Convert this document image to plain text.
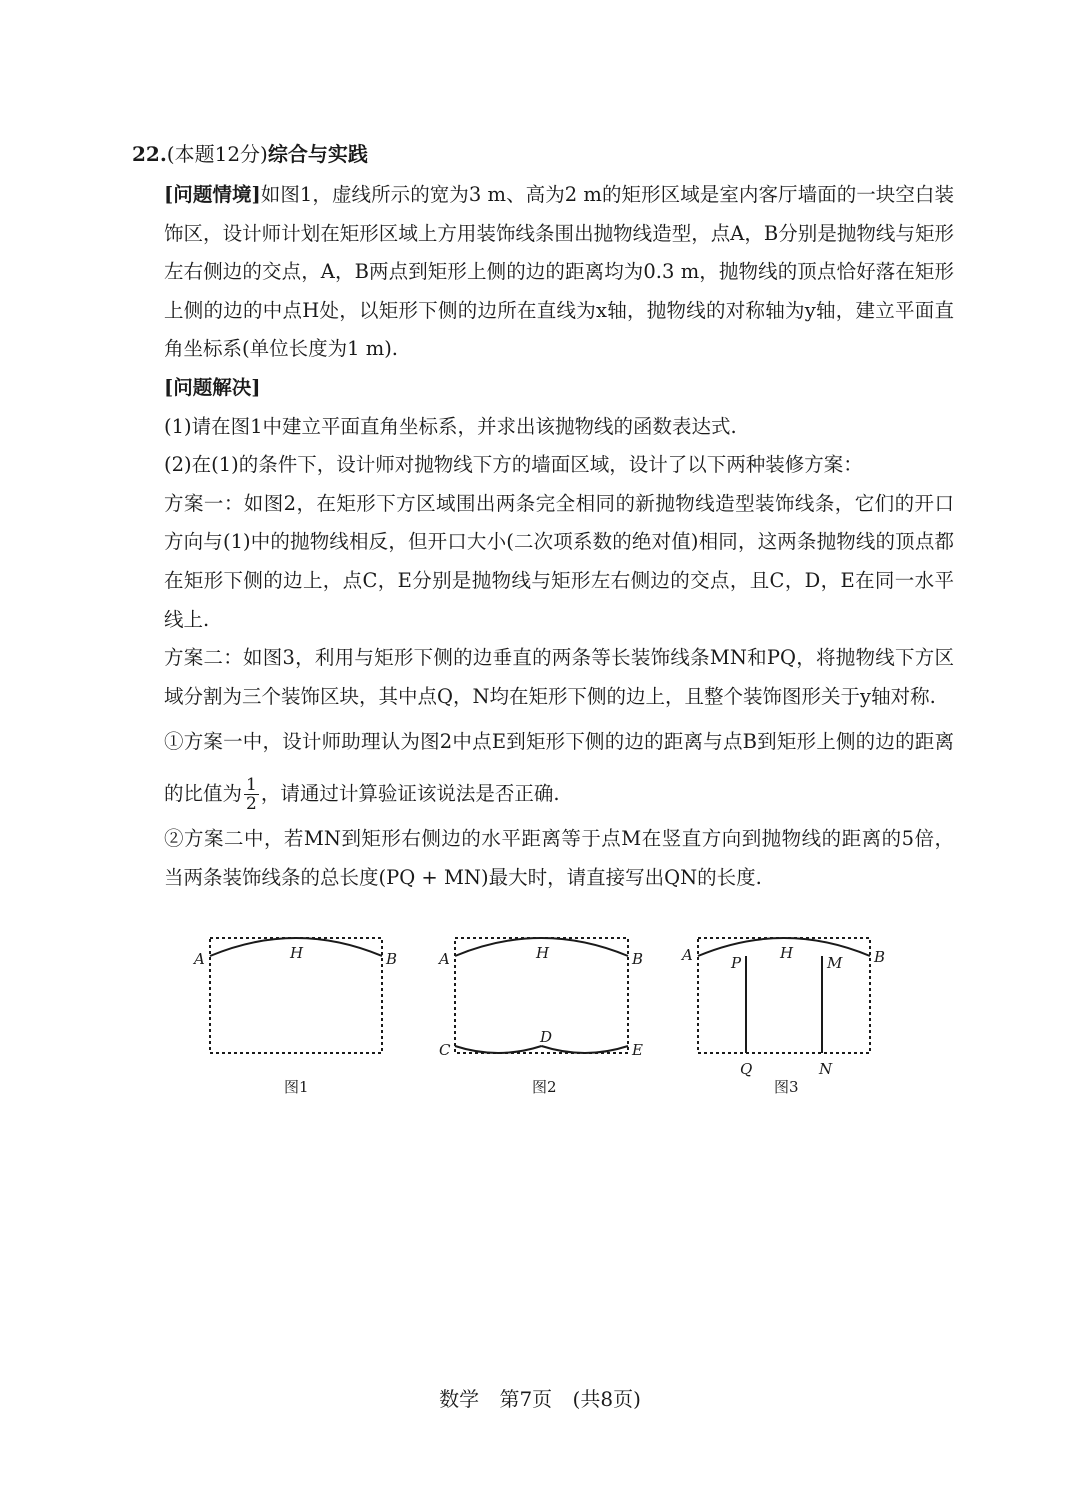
22.(本题12分)综合与实践

[问题情境]如图1，虚线所示的宽为3 m、高为2 m的矩形区域是室内客厅墙面的一块空白装饰区，设计师计划在矩形区域上方用装饰线条围出抛物线造型，点A，B分别是抛物线与矩形左右侧边的交点，A，B两点到矩形上侧的边的距离均为0.3 m，抛物线的顶点恰好落在矩形上侧的边的中点H处，以矩形下侧的边所在直线为x轴，抛物线的对称轴为y轴，建立平面直角坐标系(单位长度为1 m).

[问题解决]

(1)请在图1中建立平面直角坐标系，并求出该抛物线的函数表达式.

(2)在(1)的条件下，设计师对抛物线下方的墙面区域，设计了以下两种装修方案：

方案一：如图2，在矩形下方区域围出两条完全相同的新抛物线造型装饰线条，它们的开口方向与(1)中的抛物线相反，但开口大小(二次项系数的绝对值)相同，这两条抛物线的顶点都在矩形下侧的边上，点C，E分别是抛物线与矩形左右侧边的交点，且C，D，E在同一水平线上.

方案二：如图3，利用与矩形下侧的边垂直的两条等长装饰线条MN和PQ，将抛物线下方区域分割为三个装饰区块，其中点Q，N均在矩形下侧的边上，且整个装饰图形关于y轴对称.

①方案一中，设计师助理认为图2中点E到矩形下侧的边的距离与点B到矩形上侧的边的距离的比值为 $\frac{1}{2}$ ，请通过计算验证该说法是否正确.

②方案二中，若MN到矩形右侧边的水平距离等于点M在竖直方向到抛物线的距离的5倍，当两条装饰线条的总长度(PQ + MN)最大时，请直接写出QN的长度.

A	H	B
图1
A	H	B
C
D
E
图2
A	P
H
M B
Q	N
图3
数学 第7页 (共8页)
